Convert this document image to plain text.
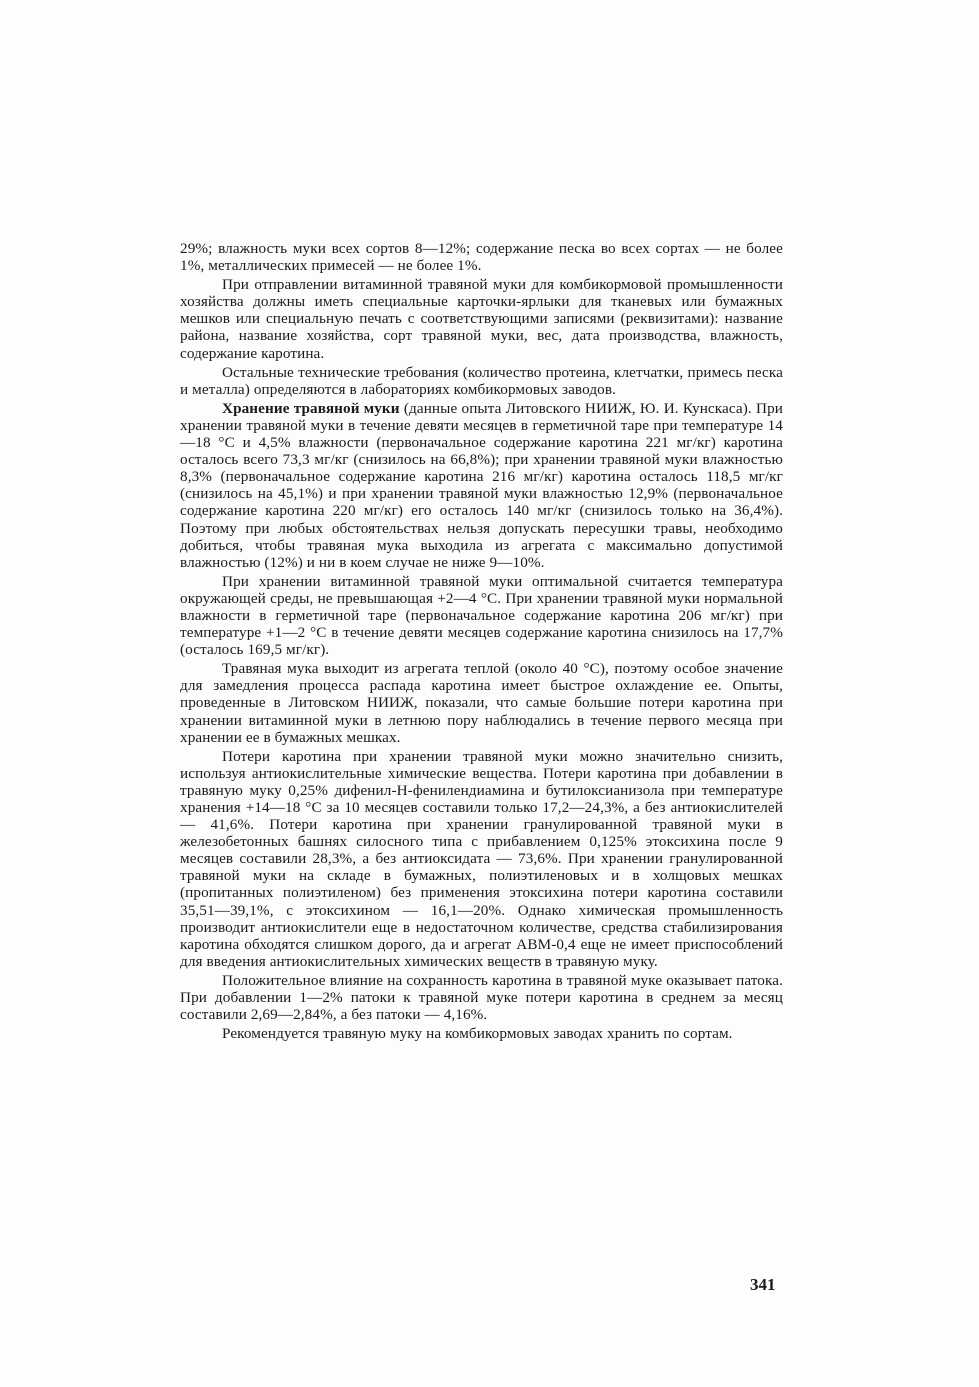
29%; влажность муки всех сортов 8—12%; содержание песка во всех сортах — не более 1%, металлических примесей — не более 1%.

При отправлении витаминной травяной муки для комбикормовой промышленности хозяйства должны иметь специальные карточки-ярлыки для тканевых или бумажных мешков или специальную печать с соответствующими записями (реквизитами): название района, название хозяйства, сорт травяной муки, вес, дата производства, влажность, содержание каротина.

Остальные технические требования (количество протеина, клетчатки, примесь песка и металла) определяются в лабораториях комбикормовых заводов.

Хранение травяной муки (данные опыта Литовского НИИЖ, Ю. И. Кунскаса). При хранении травяной муки в течение девяти месяцев в герметичной таре при температуре 14—18 °С и 4,5% влажности (первоначальное содержание каротина 221 мг/кг) каротина осталось всего 73,3 мг/кг (снизилось на 66,8%); при хранении травяной муки влажностью 8,3% (первоначальное содержание каротина 216 мг/кг) каротина осталось 118,5 мг/кг (снизилось на 45,1%) и при хранении травяной муки влажностью 12,9% (первоначальное содержание каротина 220 мг/кг) его осталось 140 мг/кг (снизилось только на 36,4%). Поэтому при любых обстоятельствах нельзя допускать пересушки травы, необходимо добиться, чтобы травяная мука выходила из агрегата с максимально допустимой влажностью (12%) и ни в коем случае не ниже 9—10%.

При хранении витаминной травяной муки оптимальной считается температура окружающей среды, не превышающая +2—4 °С. При хранении травяной муки нормальной влажности в герметичной таре (первоначальное содержание каротина 206 мг/кг) при температуре +1—2 °С в течение девяти месяцев содержание каротина снизилось на 17,7% (осталось 169,5 мг/кг).

Травяная мука выходит из агрегата теплой (около 40 °С), поэтому особое значение для замедления процесса распада каротина имеет быстрое охлаждение ее. Опыты, проведенные в Литовском НИИЖ, показали, что самые большие потери каротина при хранении витаминной муки в летнюю пору наблюдались в течение первого месяца при хранении ее в бумажных мешках.

Потери каротина при хранении травяной муки можно значительно снизить, используя антиокислительные химические вещества. Потери каротина при добавлении в травяную муку 0,25% дифенил-Н-фенилендиамина и бутилоксианизола при температуре хранения +14—18 °С за 10 месяцев составили только 17,2—24,3%, а без антиокислителей — 41,6%. Потери каротина при хранении гранулированной травяной муки в железобетонных башнях силосного типа с прибавлением 0,125% этоксихина после 9 месяцев составили 28,3%, а без антиоксидата — 73,6%. При хранении гранулированной травяной муки на складе в бумажных, полиэтиленовых и в холщовых мешках (пропитанных полиэтиленом) без применения этоксихина потери каротина составили 35,51—39,1%, с этоксихином — 16,1—20%. Однако химическая промышленность производит антиокислители еще в недостаточном количестве, средства стабилизирования каротина обходятся слишком дорого, да и агрегат АВМ-0,4 еще не имеет приспособлений для введения антиокислительных химических веществ в травяную муку.

Положительное влияние на сохранность каротина в травяной муке оказывает патока. При добавлении 1—2% патоки к травяной муке потери каротина в среднем за месяц составили 2,69—2,84%, а без патоки — 4,16%.

Рекомендуется травяную муку на комбикормовых заводах хранить по сортам.

341
